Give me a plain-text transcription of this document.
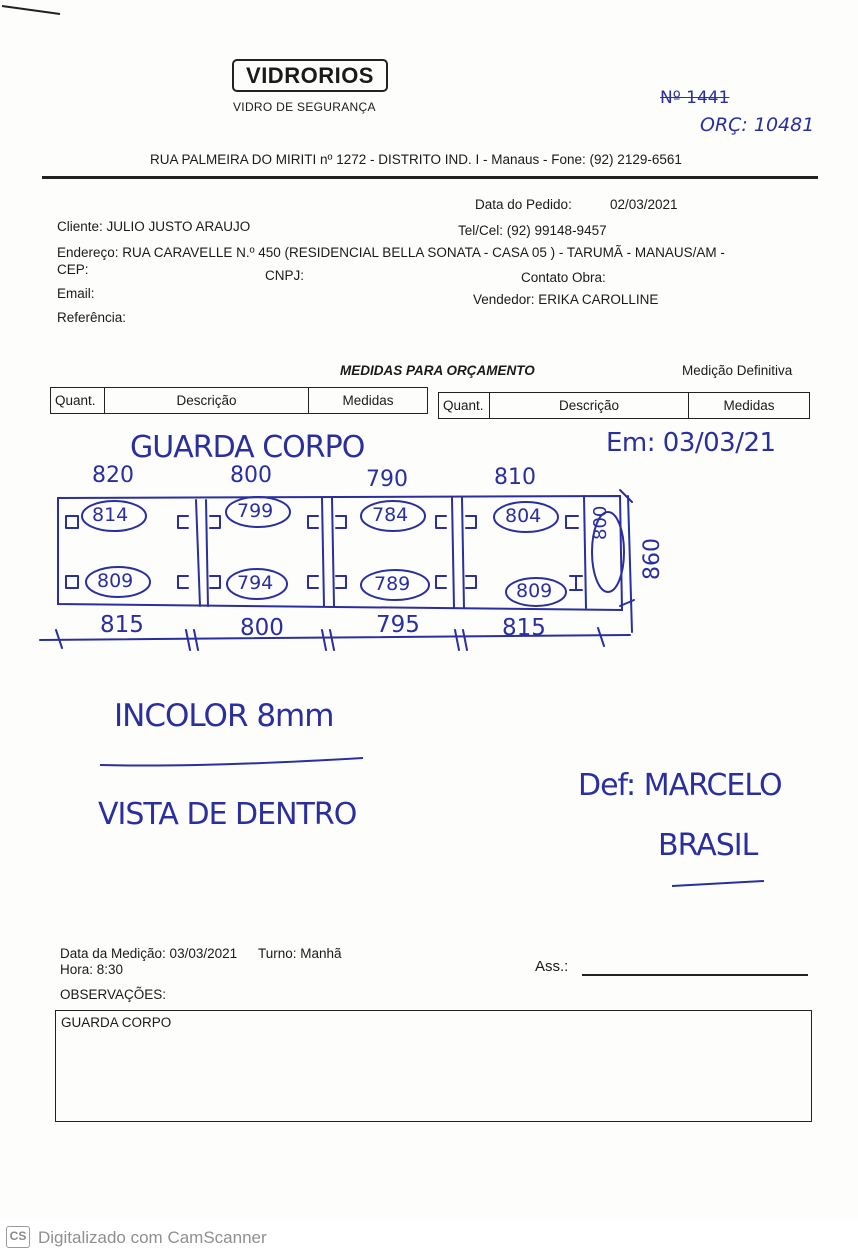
VIDRORIOS
VIDRO DE SEGURANÇA	Nº 1441
ORÇ: 10481
RUA PALMEIRA DO MIRITI nº 1272 - DISTRITO IND. I - Manaus - Fone: (92) 2129-6561
Data do Pedido:	02/03/2021
Cliente: JULIO JUSTO ARAUJO	Tel/Cel: (92) 99148-9457
Endereço: RUA CARAVELLE N.º 450 (RESIDENCIAL BELLA SONATA - CASA 05 ) - TARUMÃ - MANAUS/AM -
CEP:	CNPJ:	Contato Obra:
Email:	Vendedor: ERIKA CAROLLINE
Referência:
MEDIDAS PARA ORÇAMENTO	Medição Definitiva
Quant.	Descrição	Medidas	Quant.	Descrição	Medidas
GUARDA CORPO	Em: 03/03/21
820	800	790	810
814	799	784	804
809	794	789	809
815	800	795	815
800
860
INCOLOR 8mm
VISTA DE DENTRO
Def: MARCELO
BRASIL
Data da Medição: 03/03/2021 Turno: Manhã
Hora: 8:30	Ass.:
OBSERVAÇÕES:
GUARDA CORPO
CS Digitalizado com CamScanner
